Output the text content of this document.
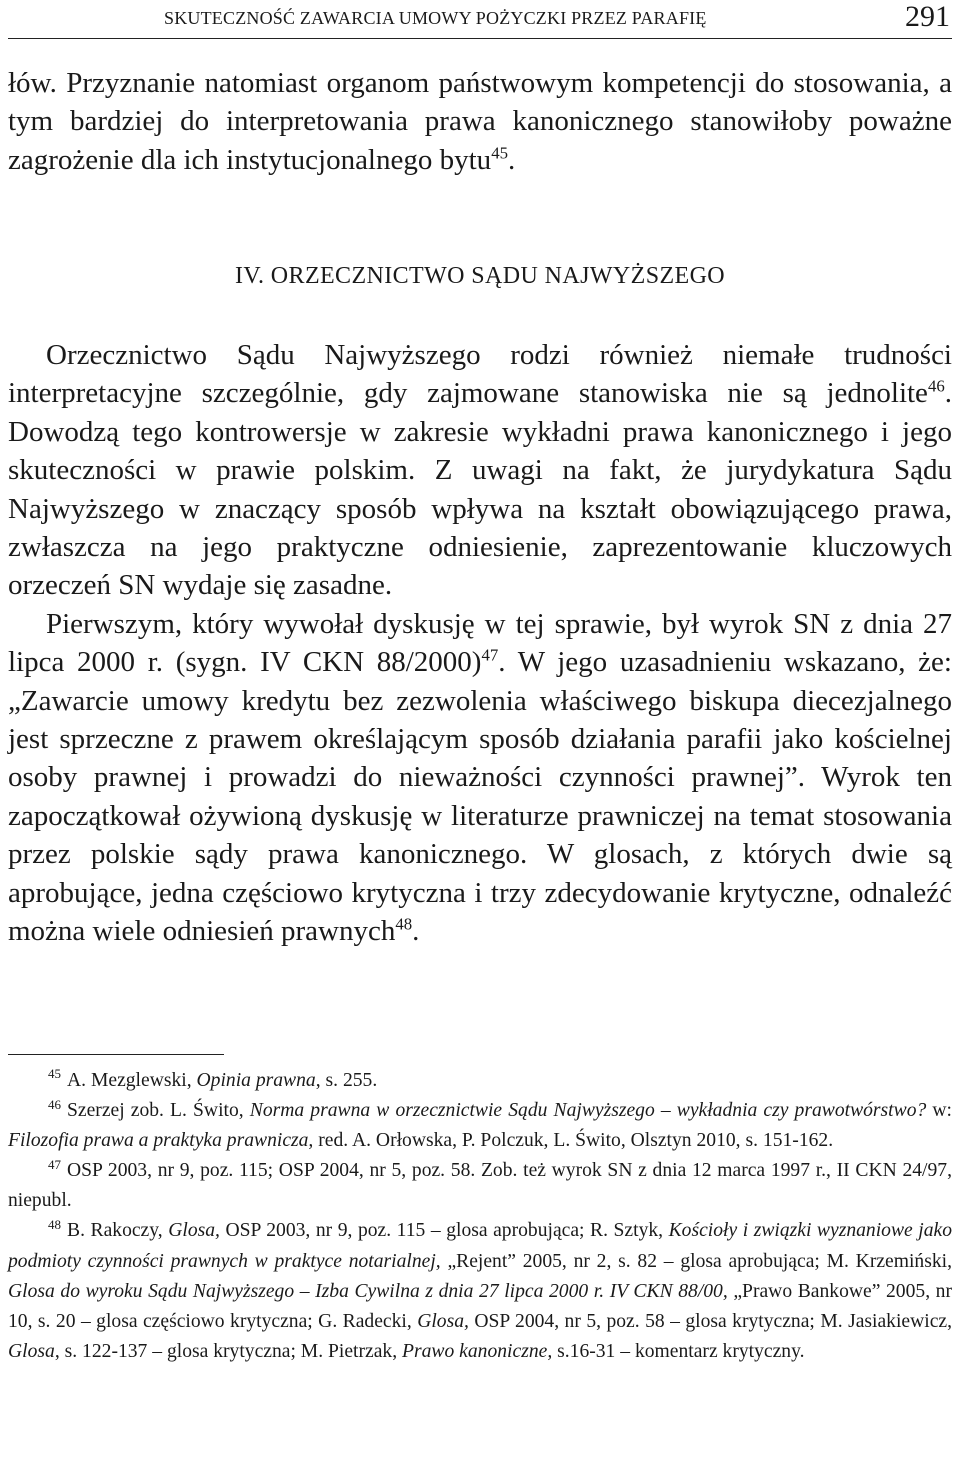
SKUTECZNOŚĆ ZAWARCIA UMOWY POŻYCZKI PRZEZ PARAFIĘ	291

łów. Przyznanie natomiast organom państwowym kompetencji do stosowania, a tym bardziej do interpretowania prawa kanonicznego stanowiłoby poważne zagrożenie dla ich instytucjonalnego bytu$^{45}$.

IV. ORZECZNICTWO SĄDU NAJWYŻSZEGO

Orzecznictwo Sądu Najwyższego rodzi również niemałe trudności interpretacyjne szczególnie, gdy zajmowane stanowiska nie są jednolite$^{46}$. Dowodzą tego kontrowersje w zakresie wykładni prawa kanonicznego i jego skuteczności w prawie polskim. Z uwagi na fakt, że jurydykatura Sądu Najwyższego w znaczący sposób wpływa na kształt obowiązującego prawa, zwłaszcza na jego praktyczne odniesienie, zaprezentowanie kluczowych orzeczeń SN wydaje się zasadne.

Pierwszym, który wywołał dyskusję w tej sprawie, był wyrok SN z dnia 27 lipca 2000 r. (sygn. IV CKN 88/2000)$^{47}$. W jego uzasadnieniu wskazano, że: „Zawarcie umowy kredytu bez zezwolenia właściwego biskupa diecezjalnego jest sprzeczne z prawem określającym sposób działania parafii jako kościelnej osoby prawnej i prowadzi do nieważności czynności prawnej”. Wyrok ten zapoczątkował ożywioną dyskusję w literaturze prawniczej na temat stosowania przez polskie sądy prawa kanonicznego. W glosach, z których dwie są aprobujące, jedna częściowo krytyczna i trzy zdecydowanie krytyczne, odnaleźć można wiele odniesień prawnych$^{48}$.

$^{45}$ A. Mezglewski, Opinia prawna, s. 255.

$^{46}$ Szerzej zob. L. Świto, Norma prawna w orzecznictwie Sądu Najwyższego – wykładnia czy prawotwórstwo? w: Filozofia prawa a praktyka prawnicza, red. A. Orłowska, P. Polczuk, L. Świto, Olsztyn 2010, s. 151-162.

$^{47}$ OSP 2003, nr 9, poz. 115; OSP 2004, nr 5, poz. 58. Zob. też wyrok SN z dnia 12 marca 1997 r., II CKN 24/97, niepubl.

$^{48}$ B. Rakoczy, Glosa, OSP 2003, nr 9, poz. 115 – glosa aprobująca; R. Sztyk, Kościoły i związki wyznaniowe jako podmioty czynności prawnych w praktyce notarialnej, „Rejent” 2005, nr 2, s. 82 – glosa aprobująca; M. Krzemiński, Glosa do wyroku Sądu Najwyższego – Izba Cywilna z dnia 27 lipca 2000 r. IV CKN 88/00, „Prawo Bankowe” 2005, nr 10, s. 20 – glosa częściowo krytyczna; G. Radecki, Glosa, OSP 2004, nr 5, poz. 58 – glosa krytyczna; M. Jasiakiewicz, Glosa, s. 122-137 – glosa krytyczna; M. Pietrzak, Prawo kanoniczne, s.16-31 – komentarz krytyczny.
